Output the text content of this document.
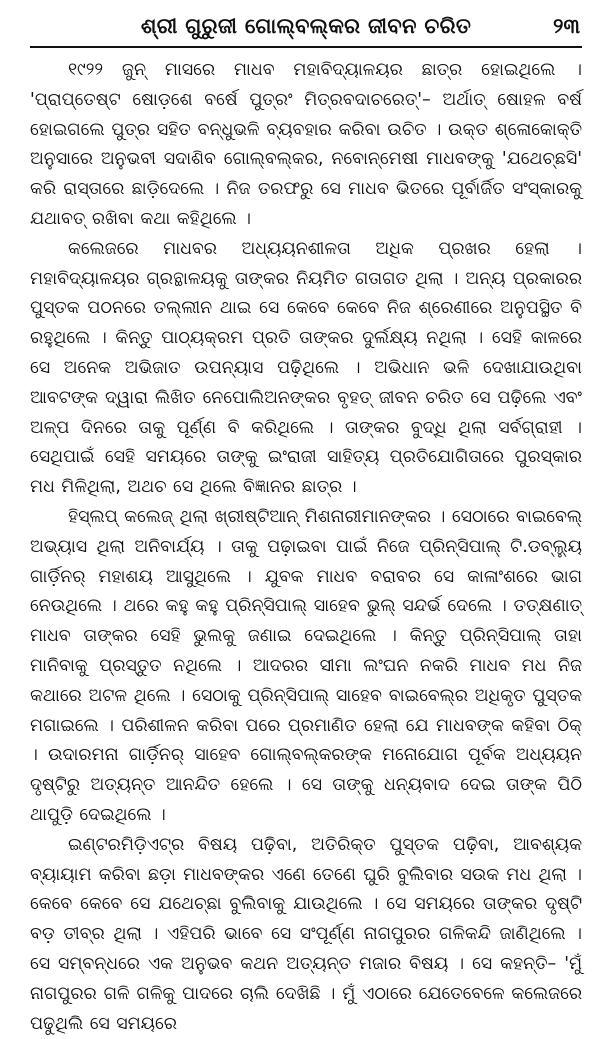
ଶ୍ରୀ ଗୁରୁଜୀ ଗୋଲ୍‌ବଲ୍‌କର ଜୀବନ ଚରିତ	୨୩

୧୯୨୨ ଜୁନ୍ ମାସରେ ମାଧବ ମହାବିଦ୍ୟାଳୟର ଛାତ୍ର ହୋଇଥିଲେ । 'ପ୍ରାପ୍ତେଷ୍ଟ ଷୋଡ଼ଶେ ବର୍ଷେ ପୁତ୍ରଂ ମିତ୍ରବଦାଚରେତ୍'– ଅର୍ଥାତ୍ ଷୋହଳ ବର୍ଷ ହୋଇଗଲେ ପୁତ୍ର ସହିତ ବନ୍ଧୁଭଳି ବ୍ୟବହାର କରିବା ଉଚିତ । ଉକ୍ତ ଶ୍ଳୋକୋକ୍ତି ଅନୁସାରେ ଅନୁଭବୀ ସଦାଶିବ ଗୋଲ୍‌ବଲ୍‌କର, ନବୋନ୍ମେଷୀ ମାଧବଙ୍କୁ 'ଯଥେଚ୍ଛସି' କରି ରାସ୍ତାରେ ଛାଡ଼ିଦେଲେ । ନିଜ ତରଫରୁ ସେ ମାଧବ ଭିତରେ ପୂର୍ବାର୍ଜିତ ସଂସ୍କାରକୁ ଯଥାବତ୍ ରଖିବା କଥା କହିଥିଲେ ।

କଲେଜରେ ମାଧବର ଅଧ୍ୟୟନଶୀଳତା ଅଧିକ ପ୍ରଖର ହେଲା । ମହାବିଦ୍ୟାଳୟର ଗ୍ରନ୍ଥାଳୟକୁ ତାଙ୍କର ନିୟମିତ ଗତାଗତ ଥିଲା । ଅନ୍ୟ ପ୍ରକାରର ପୁସ୍ତକ ପଠନରେ ତଲ୍ଲୀନ ଥାଇ ସେ କେବେ କେବେ ନିଜ ଶ୍ରେଣୀରେ ଅନୁପସ୍ଥିତ ବି ରହୁଥିଲେ । କିନ୍ତୁ ପାଠ୍ୟକ୍ରମ ପ୍ରତି ତାଙ୍କର ଦୁର୍ଲକ୍ଷ୍ୟ ନଥିଲା । ସେହି କାଳରେ ସେ ଅନେକ ଅଭିଜାତ ଉପନ୍ୟାସ ପଢ଼ିଥିଲେ । ଅଭିଧାନ ଭଳି ଦେଖାଯାଉଥିବା ଆବଟଙ୍କ ଦ୍ୱାରା ଲିଖିତ ନେପୋଲିଅନଙ୍କର ବୃହତ୍ ଜୀବନ ଚରିତ ସେ ପଢ଼ିଲେ ଏବଂ ଅଳ୍ପ ଦିନରେ ତାକୁ ପୂର୍ଣ୍ଣ ବି କରିଥିଲେ । ତାଙ୍କର ବୁଦ୍ଧି ଥିଲା ସର୍ବଗ୍ରାହୀ । ସେଥିପାଇଁ ସେହି ସମୟରେ ତାଙ୍କୁ ଇଂରାଜୀ ସାହିତ୍ୟ ପ୍ରତିଯୋଗିତାରେ ପୁରସ୍କାର ମଧ ମିଳିଥିଲା, ଅଥଚ ସେ ଥିଲେ ବିଜ୍ଞାନର ଛାତ୍ର ।

ହିସ୍‌ଲପ୍ କଲେଜ୍ ଥିଲା ଖ୍ରୀଷ୍ଟିଆନ୍ ମିଶନାରୀମାନଙ୍କର । ସେଠାରେ ବାଇବେଲ୍ ଅଭ୍ୟାସ ଥିଲା ଅନିବାର୍ଯ୍ୟ । ତାକୁ ପଢ଼ାଇବା ପାଇଁ ନିଜେ ପ୍ରିନ୍‌ସିପାଲ୍ ଟି.ଡବ୍ଲ୍ୟୁ ଗାର୍ଡ଼ିନର୍ ମହାଶୟ ଆସୁଥିଲେ । ଯୁବକ ମାଧବ ବରାବର ସେ କାଳାଂଶରେ ଭାଗ ନେଉଥିଲେ । ଥରେ କହୁ କହୁ ପ୍ରିନ୍‌ସିପାଲ୍ ସାହେବ ଭୁଲ୍ ସନ୍ଦର୍ଭ ଦେଲେ । ତତ୍‌କ୍ଷଣାତ୍ ମାଧବ ତାଙ୍କର ସେହି ଭୁଲକୁ ଜଣାଇ ଦେଇଥିଲେ । କିନ୍ତୁ ପ୍ରିନ୍‌ସିପାଲ୍ ତାହା ମାନିବାକୁ ପ୍ରସ୍ତୁତ ନଥିଲେ । ଆଦରର ସୀମା ଲଂଘନ ନକରି ମାଧବ ମଧ ନିଜ କଥାରେ ଅଟଳ ଥିଲେ । ସେଠାକୁ ପ୍ରିନ୍‌ସିପାଲ୍ ସାହେବ ବାଇବେଲ୍‌ର ଅଧିକୃତ ପୁସ୍ତକ ମଗାଇଲେ । ପରିଶୀଳନ କରିବା ପରେ ପ୍ରମାଣିତ ହେଲା ଯେ ମାଧବଙ୍କ କହିବା ଠିକ୍ । ଉଦାରମନା ଗାର୍ଡ଼ିନର୍ ସାହେବ ଗୋଲ୍‌ବଲ୍‌କରଙ୍କ ମନୋଯୋଗ ପୂର୍ବକ ଅଧ୍ୟୟନ ଦୃଷ୍ଟିରୁ ଅତ୍ୟନ୍ତ ଆନନ୍ଦିତ ହେଲେ । ସେ ତାଙ୍କୁ ଧନ୍ୟବାଦ ଦେଇ ତାଙ୍କ ପିଠି ଥାପୁଡ଼ି ଦେଇଥିଲେ ।

ଇଣ୍ଟରମିଡ଼ିଏଟ୍‌ର ବିଷୟ ପଢ଼ିବା, ଅତିରିକ୍ତ ପୁସ୍ତକ ପଢ଼ିବା, ଆବଶ୍ୟକ ବ୍ୟାୟାମ କରିବା ଛଡ଼ା ମାଧବଙ୍କର ଏଣେ ତେଣେ ଘୁରି ବୁଲିବାର ସଉକ ମଧ ଥିଲା । କେବେ କେବେ ସେ ଯଥେଚ୍ଛା ବୁଲିବାକୁ ଯାଉଥିଲେ । ସେ ସମୟରେ ତାଙ୍କର ଦୃଷ୍ଟି ବଡ଼ ତୀବ୍ର ଥିଲା । ଏହିପରି ଭାବେ ସେ ସଂପୂର୍ଣ୍ଣ ନାଗପୁରର ଗଳିକନ୍ଦି ଜାଣିଥିଲେ । ସେ ସମ୍ବନ୍ଧରେ ଏକ ଅନୁଭବ କଥନ ଅତ୍ୟନ୍ତ ମଜାର ବିଷୟ । ସେ କହନ୍ତି– 'ମୁଁ ନାଗପୁରର ଗଳି ଗଳିକୁ ପାଦରେ ଚାଲି ଦେଖିଛି । ମୁଁ ଏଠାରେ ଯେତେବେଳେ କଲେଜରେ ପଢୁଥିଲି ସେ ସମୟରେ
